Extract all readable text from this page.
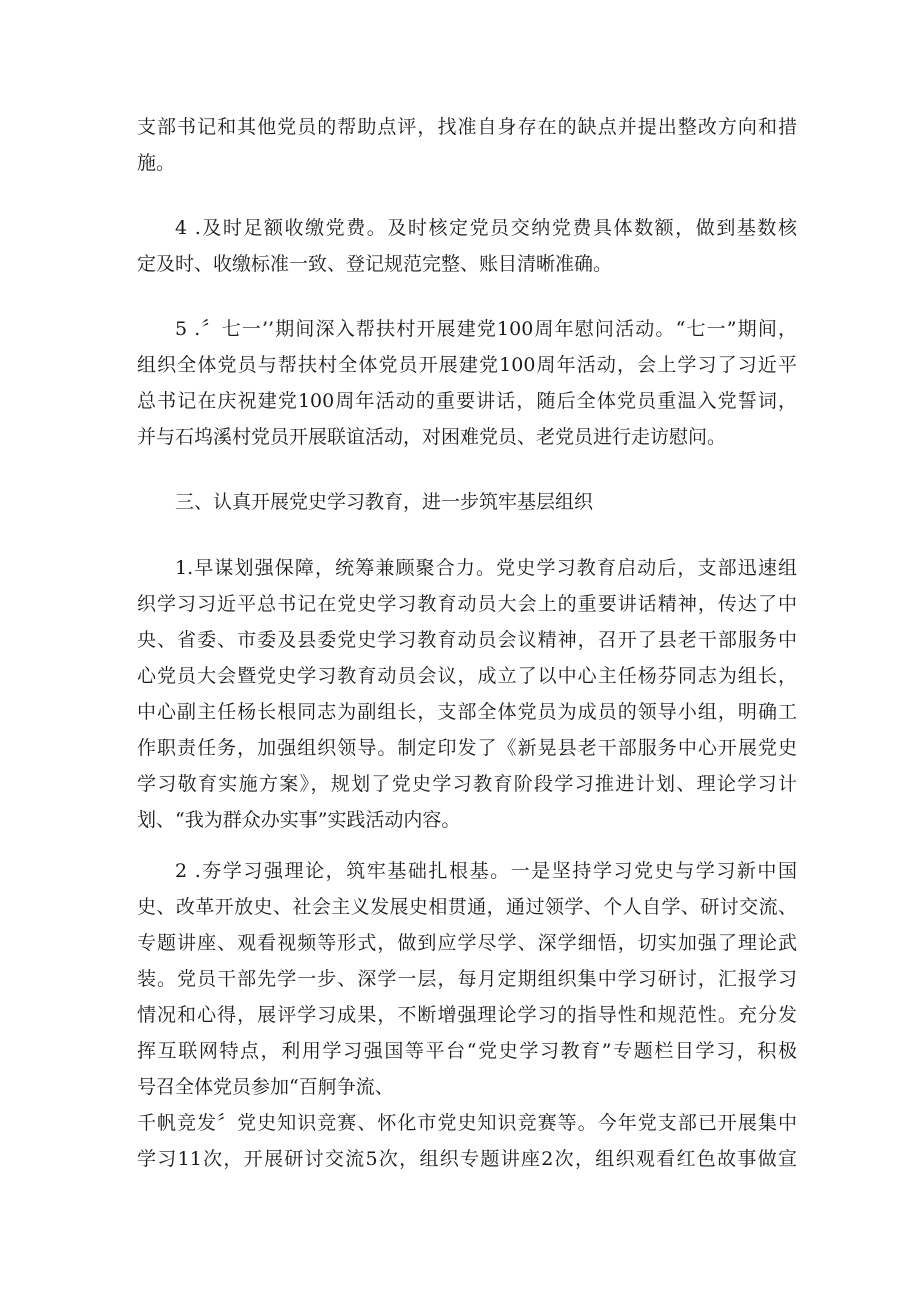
支部书记和其他党员的帮助点评，找准自身存在的缺点并提出整改方向和措
施。
4 .及时足额收缴党费。及时核定党员交纳党费具体数额，做到基数核
定及时、收缴标准一致、登记规范完整、账目清晰准确。
5 .〞七一’’期间深入帮扶村开展建党100周年慰问活动。“七一”期间，
组织全体党员与帮扶村全体党员开展建党100周年活动，会上学习了习近平
总书记在庆祝建党100周年活动的重要讲话，随后全体党员重温入党誓词，
并与石坞溪村党员开展联谊活动，对困难党员、老党员进行走访慰问。
三、认真开展党史学习教育，进一步筑牢基层组织
1.早谋划强保障，统筹兼顾聚合力。党史学习教育启动后，支部迅速组
织学习习近平总书记在党史学习教育动员大会上的重要讲话精神，传达了中
央、省委、市委及县委党史学习教育动员会议精神，召开了县老干部服务中
心党员大会暨党史学习教育动员会议，成立了以中心主任杨芬同志为组长，
中心副主任杨长根同志为副组长，支部全体党员为成员的领导小组，明确工
作职责任务，加强组织领导。制定印发了《新晃县老干部服务中心开展党史
学习敬育实施方案》，规划了党史学习教育阶段学习推进计划、理论学习计
划、“我为群众办实事”实践活动内容。
2 .夯学习强理论，筑牢基础扎根基。一是坚持学习党史与学习新中国
史、改革开放史、社会主义发展史相贯通，通过领学、个人自学、研讨交流、
专题讲座、观看视频等形式，做到应学尽学、深学细悟，切实加强了理论武
装。党员干部先学一步、深学一层，每月定期组织集中学习研讨，汇报学习
情况和心得，展评学习成果，不断增强理论学习的指导性和规范性。充分发
挥互联网特点，利用学习强国等平台“党史学习教育”专题栏目学习，积极
号召全体党员参加“百舸争流、
千帆竞发〞党史知识竞赛、怀化市党史知识竞赛等。今年党支部已开展集中
学习11次，开展研讨交流5次，组织专题讲座2次，组织观看红色故事做宣
